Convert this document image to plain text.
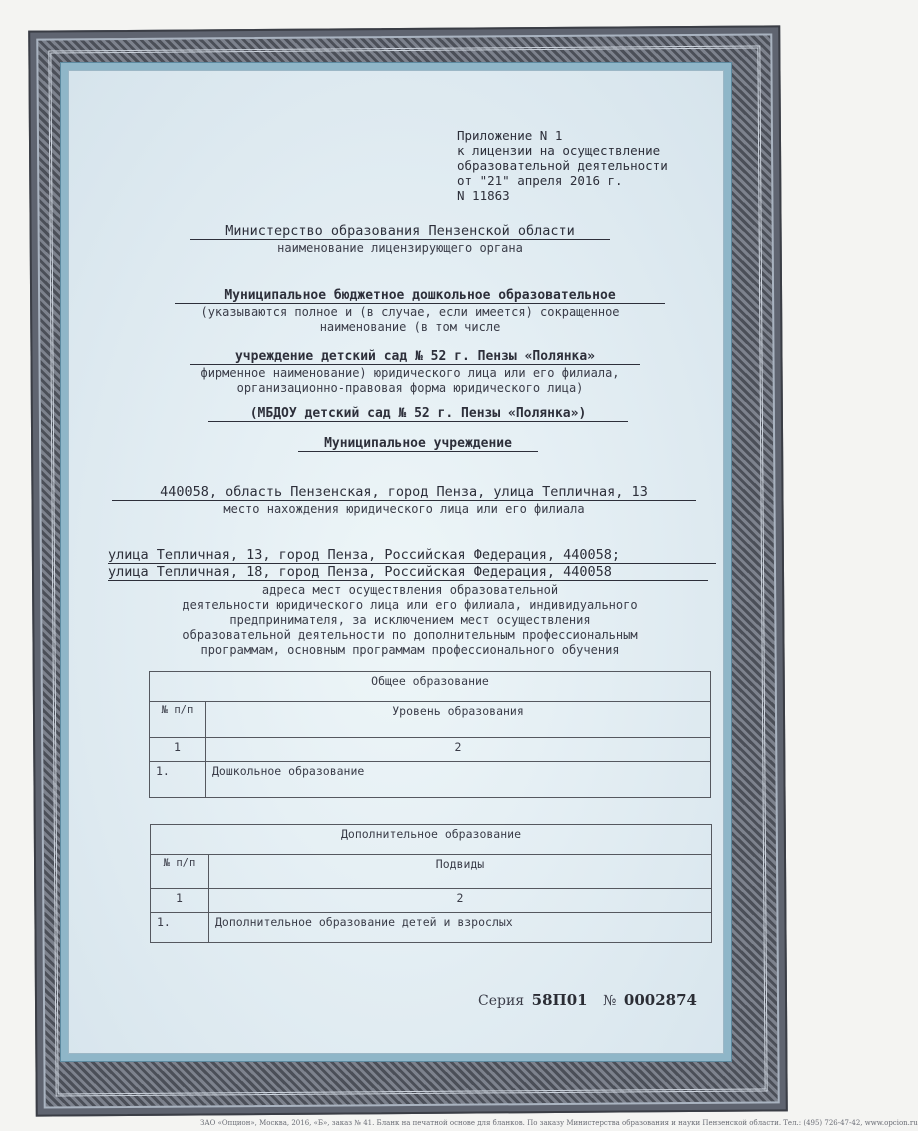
Приложение N 1
к лицензии на осуществление
образовательной деятельности
от "21" апреля 2016 г.
N 11863
Министерство образования Пензенской области
наименование лицензирующего органа
Муниципальное бюджетное дошкольное образовательное
(указываются полное и (в случае, если имеется) сокращенное
наименование (в том числе
учреждение детский сад № 52 г. Пензы «Полянка»
фирменное наименование) юридического лица или его филиала,
организационно-правовая форма юридического лица)
(МБДОУ детский сад № 52 г. Пензы «Полянка»)
Муниципальное учреждение
440058, область Пензенская, город Пенза, улица Тепличная, 13
место нахождения юридического лица или его филиала
улица Тепличная, 13, город Пенза, Российская Федерация, 440058;
улица Тепличная, 18, город Пенза, Российская Федерация, 440058
адреса мест осуществления образовательной
деятельности юридического лица или его филиала, индивидуального
предпринимателя, за исключением мест осуществления
образовательной деятельности по дополнительным профессиональным
программам, основным программам профессионального обучения
Общее образование	
№ п/п	Уровень образования
1	2
1.	Дошкольное образование
Дополнительное образование	
№ п/п	Подвиды
1	2
1.	Дополнительное образование детей и взрослых
Серия 58П01 № 0002874
ЗАО «Опцион», Москва, 2016, «Б», заказ № 41. Бланк на печатной основе для бланков. По заказу Министерства образования и науки Пензенской области. Тел.: (495) 726-47-42, www.opcion.ru
